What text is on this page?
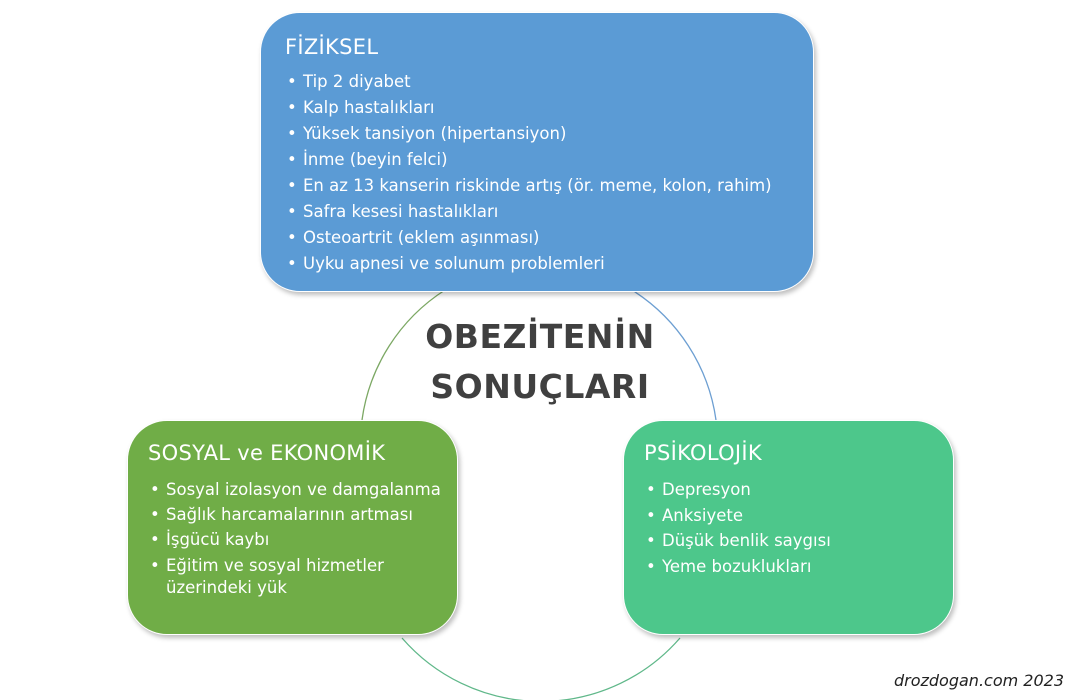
FİZİKSEL
• Tip 2 diyabet
• Kalp hastalıkları
• Yüksek tansiyon (hipertansiyon)
• İnme (beyin felci)
• En az 13 kanserin riskinde artış (ör. meme, kolon, rahim)
• Safra kesesi hastalıkları
• Osteoartrit (eklem aşınması)
• Uyku apnesi ve solunum problemleri
OBEZİTENİN
SONUÇLARI
SOSYAL ve EKONOMİK
• Sosyal izolasyon ve damgalanma
• Sağlık harcamalarının artması
• İşgücü kaybı
• Eğitim ve sosyal hizmetler üzerindeki yük
PSİKOLOJİK
• Depresyon
• Anksiyete
• Düşük benlik saygısı
• Yeme bozuklukları
drozdogan.com 2023
